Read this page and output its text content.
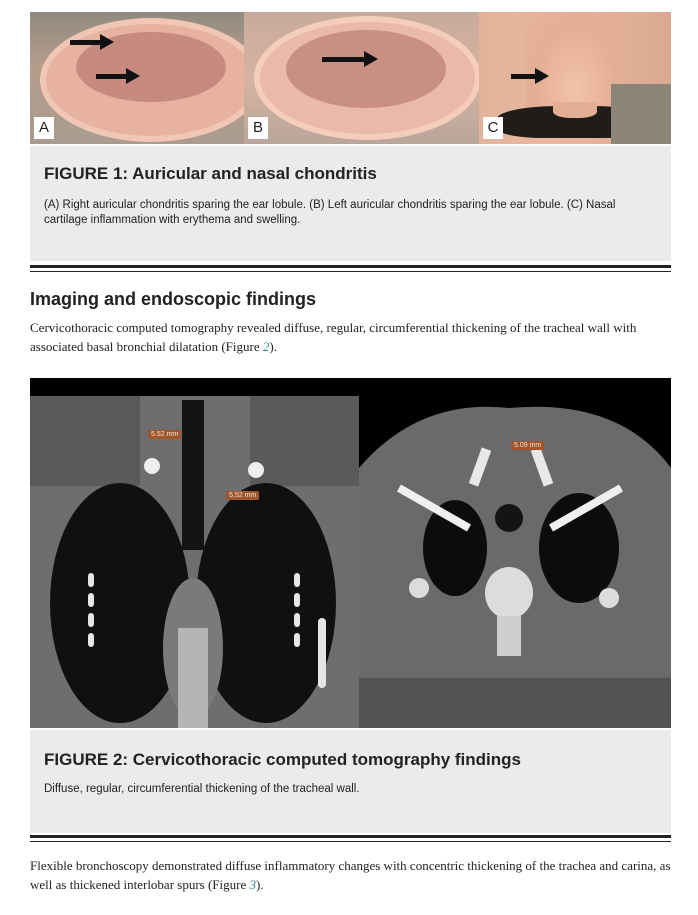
A	B	C

FIGURE 1: Auricular and nasal chondritis

(A) Right auricular chondritis sparing the ear lobule. (B) Left auricular chondritis sparing the ear lobule. (C) Nasal cartilage inflammation with erythema and swelling.

Imaging and endoscopic findings

Cervicothoracic computed tomography revealed diffuse, regular, circumferential thickening of the tracheal wall with associated basal bronchial dilatation (Figure 2).

5.52 mm
5.52 mm
5.09 mm

FIGURE 2: Cervicothoracic computed tomography findings

Diffuse, regular, circumferential thickening of the tracheal wall.

Flexible bronchoscopy demonstrated diffuse inflammatory changes with concentric thickening of the trachea and carina, as well as thickened interlobar spurs (Figure 3).
